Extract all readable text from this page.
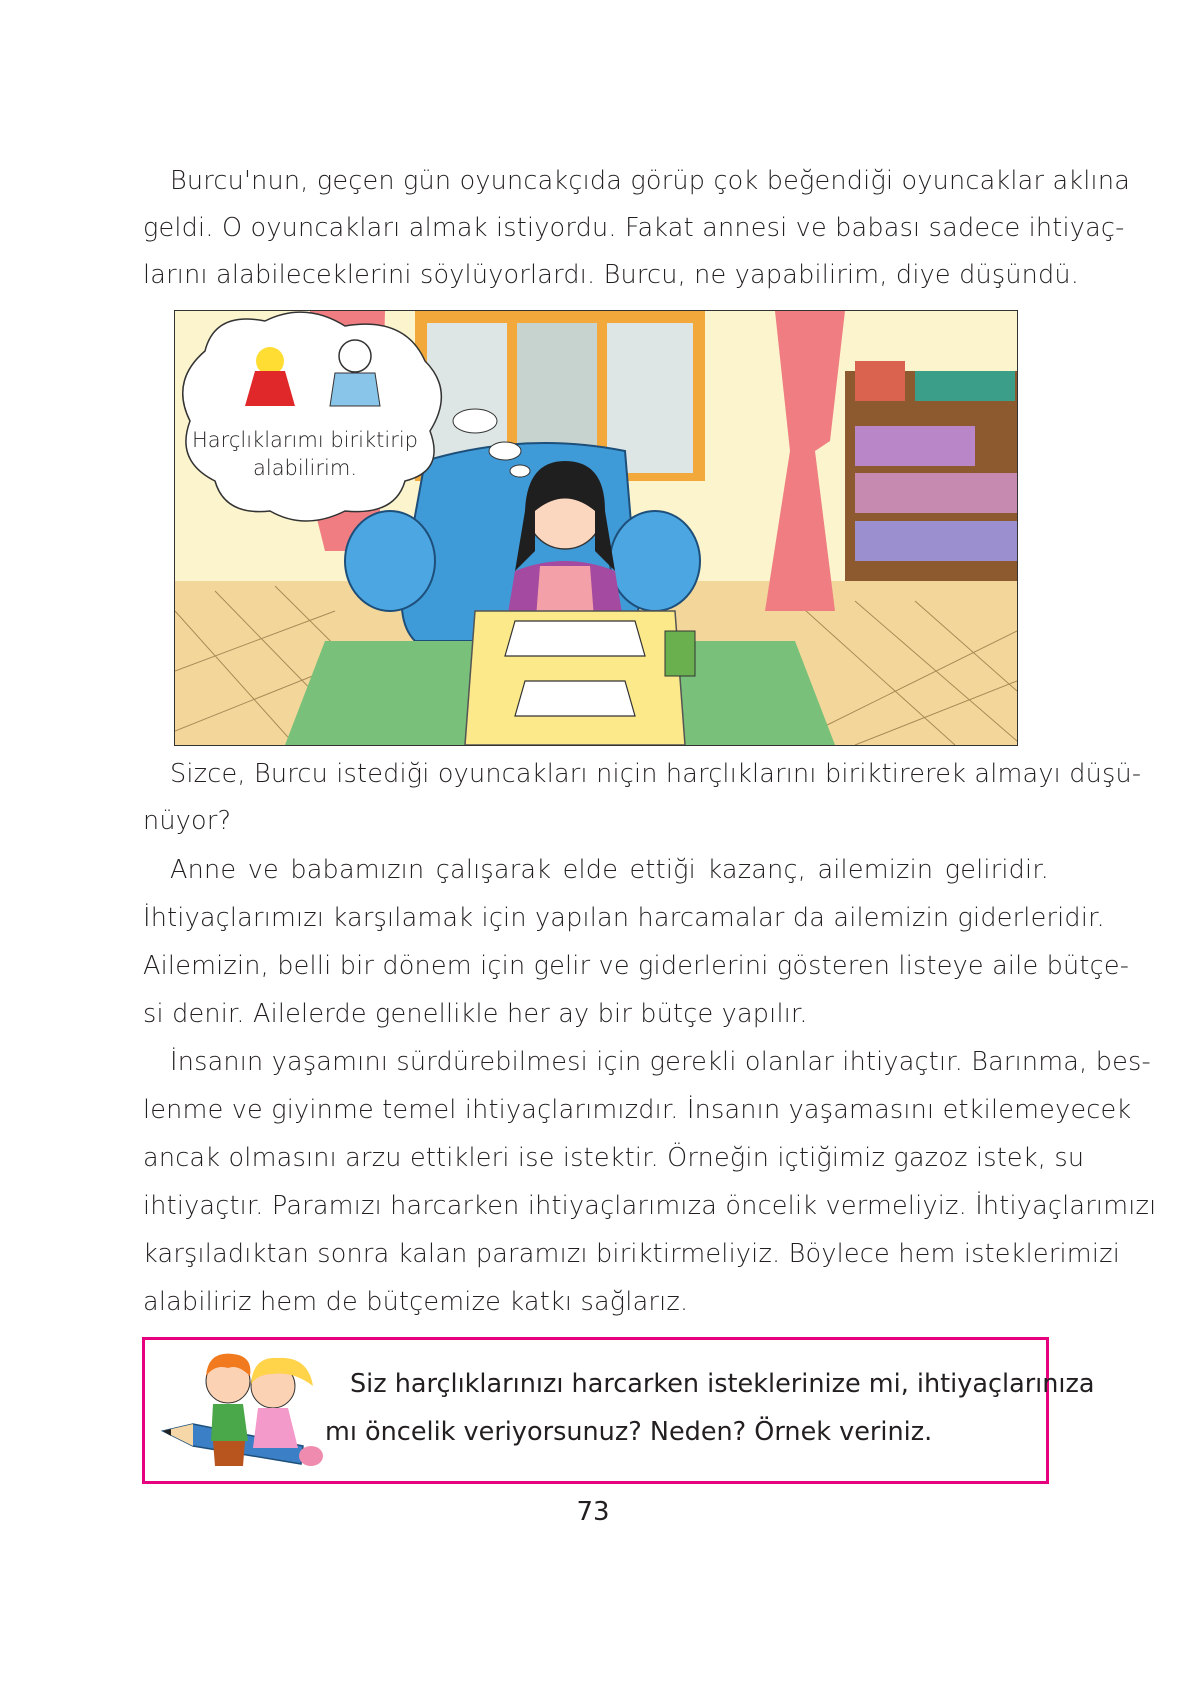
Burcu'nun, geçen gün oyuncakçıda görüp çok beğendiği oyuncaklar aklına
geldi. O oyuncakları almak istiyordu. Fakat annesi ve babası sadece ihtiyaç-
larını alabileceklerini söylüyorlardı. Burcu, ne yapabilirim, diye düşündü.
Harçlıklarımı biriktirip
alabilirim.
Sizce, Burcu istediği oyuncakları niçin harçlıklarını biriktirerek almayı düşü-
nüyor?
Anne ve babamızın çalışarak elde ettiği kazanç, ailemizin geliridir.
İhtiyaçlarımızı karşılamak için yapılan harcamalar da ailemizin giderleridir.
Ailemizin, belli bir dönem için gelir ve giderlerini gösteren listeye aile bütçe-
si denir. Ailelerde genellikle her ay bir bütçe yapılır.
İnsanın yaşamını sürdürebilmesi için gerekli olanlar ihtiyaçtır. Barınma, bes-
lenme ve giyinme temel ihtiyaçlarımızdır. İnsanın yaşamasını etkilemeyecek
ancak olmasını arzu ettikleri ise istektir. Örneğin içtiğimiz gazoz istek, su
ihtiyaçtır. Paramızı harcarken ihtiyaçlarımıza öncelik vermeliyiz. İhtiyaçlarımızı
karşıladıktan sonra kalan paramızı biriktirmeliyiz. Böylece hem isteklerimizi
alabiliriz hem de bütçemize katkı sağlarız.
Siz harçlıklarınızı harcarken isteklerinize mi, ihtiyaçlarınıza
mı öncelik veriyorsunuz? Neden? Örnek veriniz.
73
